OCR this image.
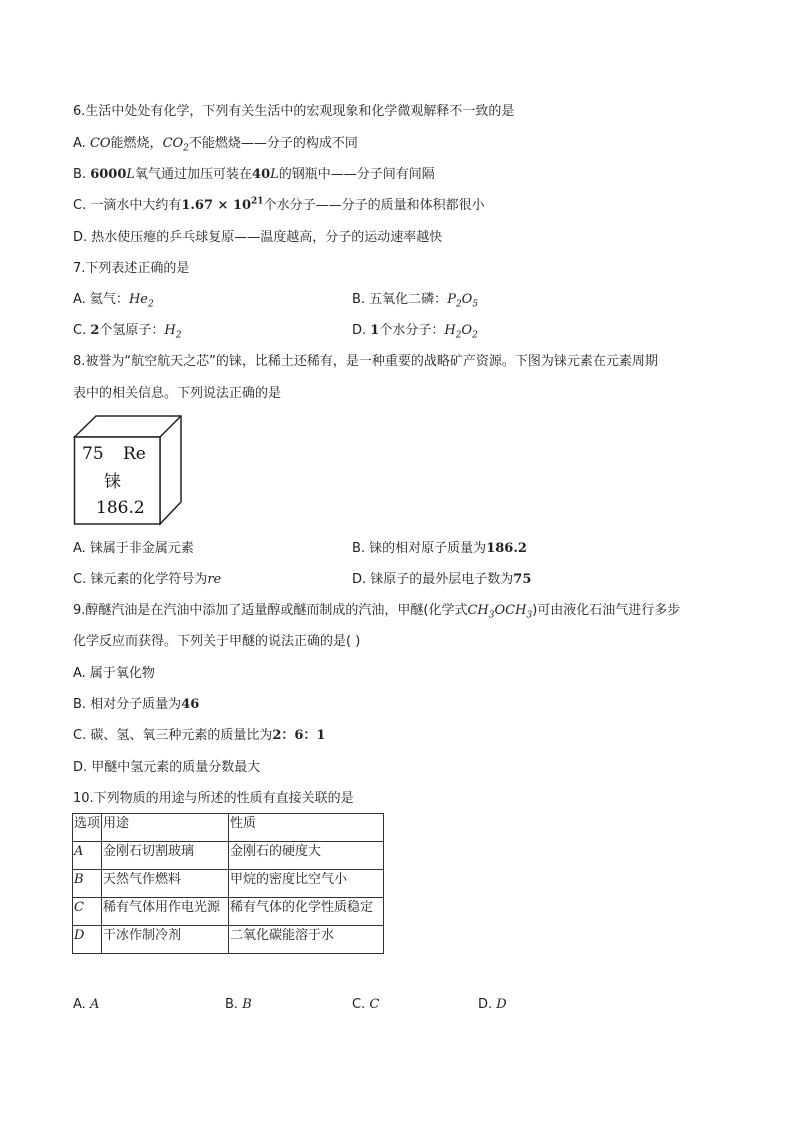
6.生活中处处有化学，下列有关生活中的宏观现象和化学微观解释不一致的是
A. CO能燃烧，$CO_2$不能燃烧——分子的构成不同
B. 6000L氧气通过加压可装在40L的钢瓶中——分子间有间隔
C. 一滴水中大约有$1.67 \times 10^{21}$个水分子——分子的质量和体积都很小
D. 热水使压瘪的乒乓球复原——温度越高，分子的运动速率越快
7.下列表述正确的是
A. 氦气：$He_2$	B. 五氧化二磷：$P_2O_5$
C. 2个氢原子：$H_2$	D. 1个水分子：$H_2O_2$
8.被誉为“航空航天之芯”的铼，比稀土还稀有，是一种重要的战略矿产资源。下图为铼元素在元素周期
表中的相关信息。下列说法正确的是
75 Re
铼
186.2
A. 铼属于非金属元素	B. 铼的相对原子质量为186.2
C. 铼元素的化学符号为re	D. 铼原子的最外层电子数为75
9.醇醚汽油是在汽油中添加了适量醇或醚而制成的汽油，甲醚(化学式$CH_3OCH_3$)可由液化石油气进行多步
化学反应而获得。下列关于甲醚的说法正确的是( )
A. 属于氧化物
B. 相对分子质量为46
C. 碳、氢、氧三种元素的质量比为2：6：1
D. 甲醚中氢元素的质量分数最大
10.下列物质的用途与所述的性质有直接关联的是
选项	用途	性质
A	金刚石切割玻璃	金刚石的硬度大
B	天然气作燃料	甲烷的密度比空气小
C	稀有气体用作电光源	稀有气体的化学性质稳定
D	干冰作制冷剂	二氧化碳能溶于水
A. A	B. B	C. C	D. D
